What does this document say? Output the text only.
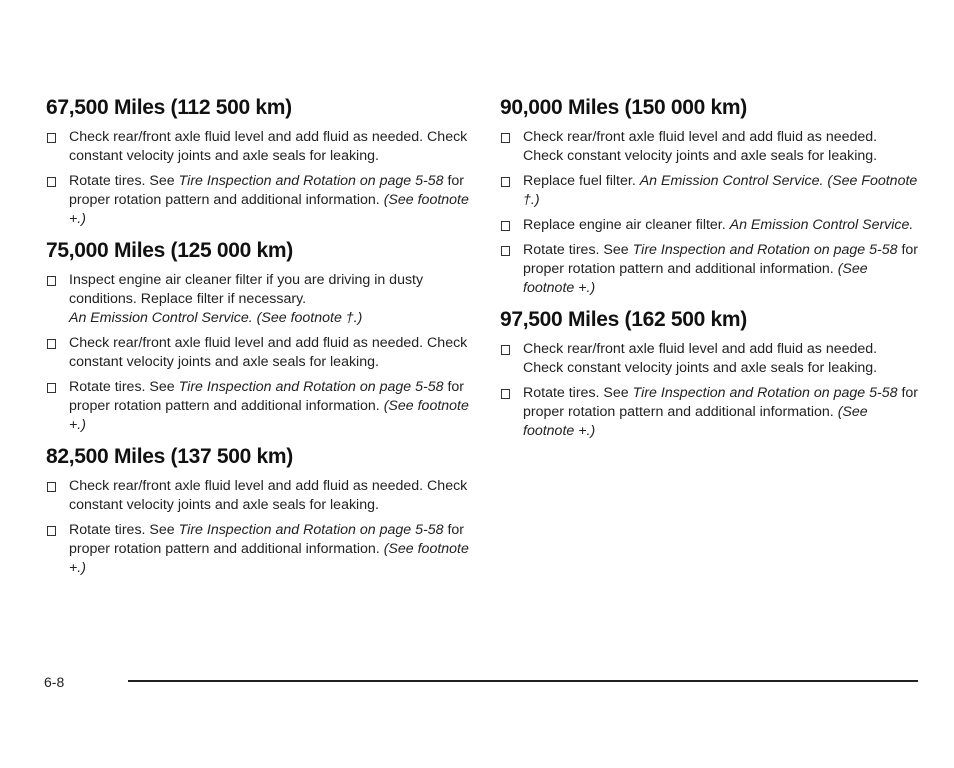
67,500 Miles (112 500 km)
Check rear/front axle fluid level and add fluid as needed. Check constant velocity joints and axle seals for leaking.
Rotate tires. See Tire Inspection and Rotation on page 5-58 for proper rotation pattern and additional information. (See footnote +.)
75,000 Miles (125 000 km)
Inspect engine air cleaner filter if you are driving in dusty conditions. Replace filter if necessary.
An Emission Control Service. (See footnote †.)
Check rear/front axle fluid level and add fluid as needed. Check constant velocity joints and axle seals for leaking.
Rotate tires. See Tire Inspection and Rotation on page 5-58 for proper rotation pattern and additional information. (See footnote +.)
82,500 Miles (137 500 km)
Check rear/front axle fluid level and add fluid as needed. Check constant velocity joints and axle seals for leaking.
Rotate tires. See Tire Inspection and Rotation on page 5-58 for proper rotation pattern and additional information. (See footnote +.)
90,000 Miles (150 000 km)
Check rear/front axle fluid level and add fluid as needed. Check constant velocity joints and axle seals for leaking.
Replace fuel filter. An Emission Control Service. (See Footnote †.)
Replace engine air cleaner filter. An Emission Control Service.
Rotate tires. See Tire Inspection and Rotation on page 5-58 for proper rotation pattern and additional information. (See footnote +.)
97,500 Miles (162 500 km)
Check rear/front axle fluid level and add fluid as needed. Check constant velocity joints and axle seals for leaking.
Rotate tires. See Tire Inspection and Rotation on page 5-58 for proper rotation pattern and additional information. (See footnote +.)
6-8
